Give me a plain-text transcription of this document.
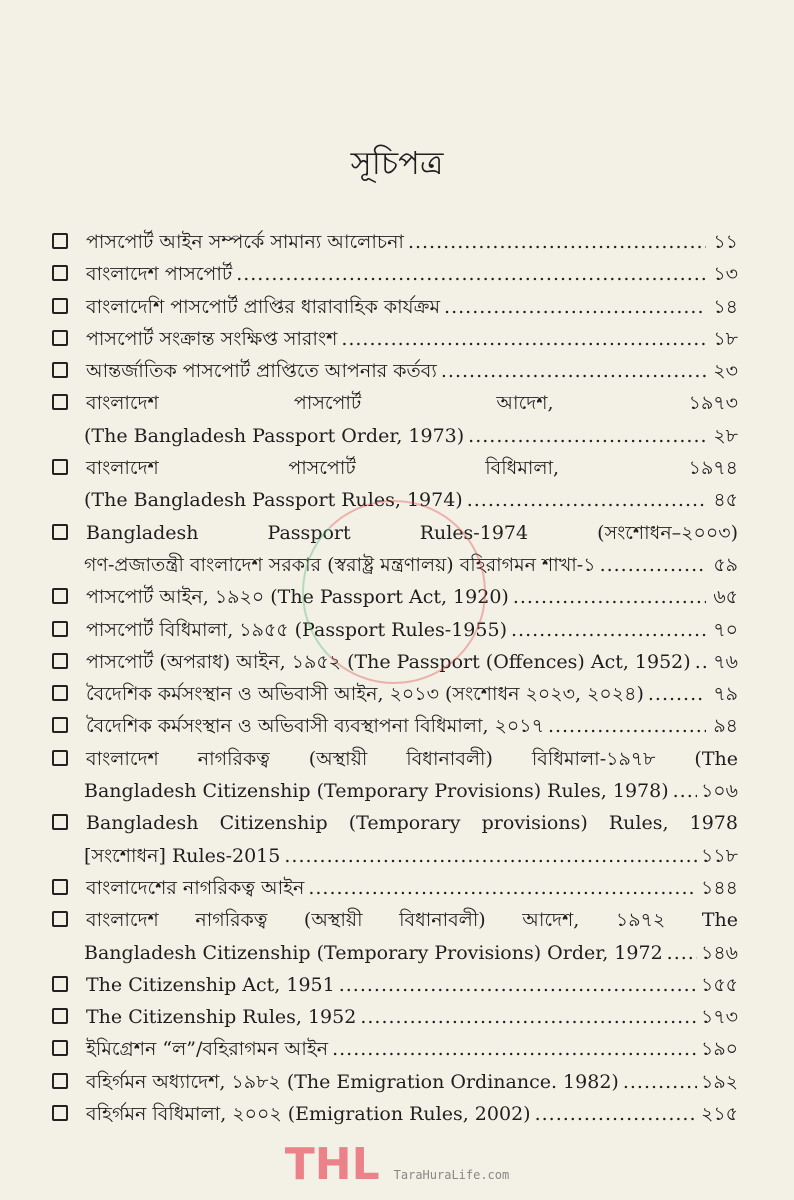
সূচিপত্র
পাসপোর্ট আইন সম্পর্কে সামান্য আলোচনা .....	১১
বাংলাদেশ পাসপোর্ট .....	১৩
বাংলাদেশি পাসপোর্ট প্রাপ্তির ধারাবাহিক কার্যক্রম .....	১৪
পাসপোর্ট সংক্রান্ত সংক্ষিপ্ত সারাংশ .....	১৮
আন্তর্জাতিক পাসপোর্ট প্রাপ্তিতে আপনার কর্তব্য .....	২৩
বাংলাদেশ পাসপোর্ট আদেশ, ১৯৭৩
(The Bangladesh Passport Order, 1973) .....	২৮
বাংলাদেশ পাসপোর্ট বিধিমালা, ১৯৭৪
(The Bangladesh Passport Rules, 1974) .....	৪৫
Bangladesh Passport Rules-1974 (সংশোধন–২০০৩)
গণ-প্রজাতন্ত্রী বাংলাদেশ সরকার (স্বরাষ্ট্র মন্ত্রণালয়) বহিরাগমন শাখা-১ .....	৫৯
পাসপোর্ট আইন, ১৯২০ (The Passport Act, 1920) .....	৬৫
পাসপোর্ট বিধিমালা, ১৯৫৫ (Passport Rules-1955) .....	৭০
পাসপোর্ট (অপরাধ) আইন, ১৯৫২ (The Passport (Offences) Act, 1952) ..... ৭৬
বৈদেশিক কর্মসংস্থান ও অভিবাসী আইন, ২০১৩ (সংশোধন ২০২৩, ২০২৪) .....	৭৯
বৈদেশিক কর্মসংস্থান ও অভিবাসী ব্যবস্থাপনা বিধিমালা, ২০১৭ .....	৯৪
বাংলাদেশ নাগরিকত্ব (অস্থায়ী বিধানাবলী) বিধিমালা-১৯৭৮ (The
Bangladesh Citizenship (Temporary Provisions) Rules, 1978) ..... ১০৬
Bangladesh Citizenship (Temporary provisions) Rules, 1978
[সংশোধন] Rules-2015 .....	১১৮
বাংলাদেশের নাগরিকত্ব আইন .....	১৪৪
বাংলাদেশ নাগরিকত্ব (অস্থায়ী বিধানাবলী) আদেশ, ১৯৭২ The
Bangladesh Citizenship (Temporary Provisions) Order, 1972 ..... ১৪৬
The Citizenship Act, 1951 .....	১৫৫
The Citizenship Rules, 1952 .....	১৭৩
ইমিগ্রেশন “ল”/বহিরাগমন আইন .....	১৯০
বহির্গমন অধ্যাদেশ, ১৯৮২ (The Emigration Ordinance. 1982) .....	১৯২
বহির্গমন বিধিমালা, ২০০২ (Emigration Rules, 2002) .....	২১৫
THL TaraHuraLife.com
